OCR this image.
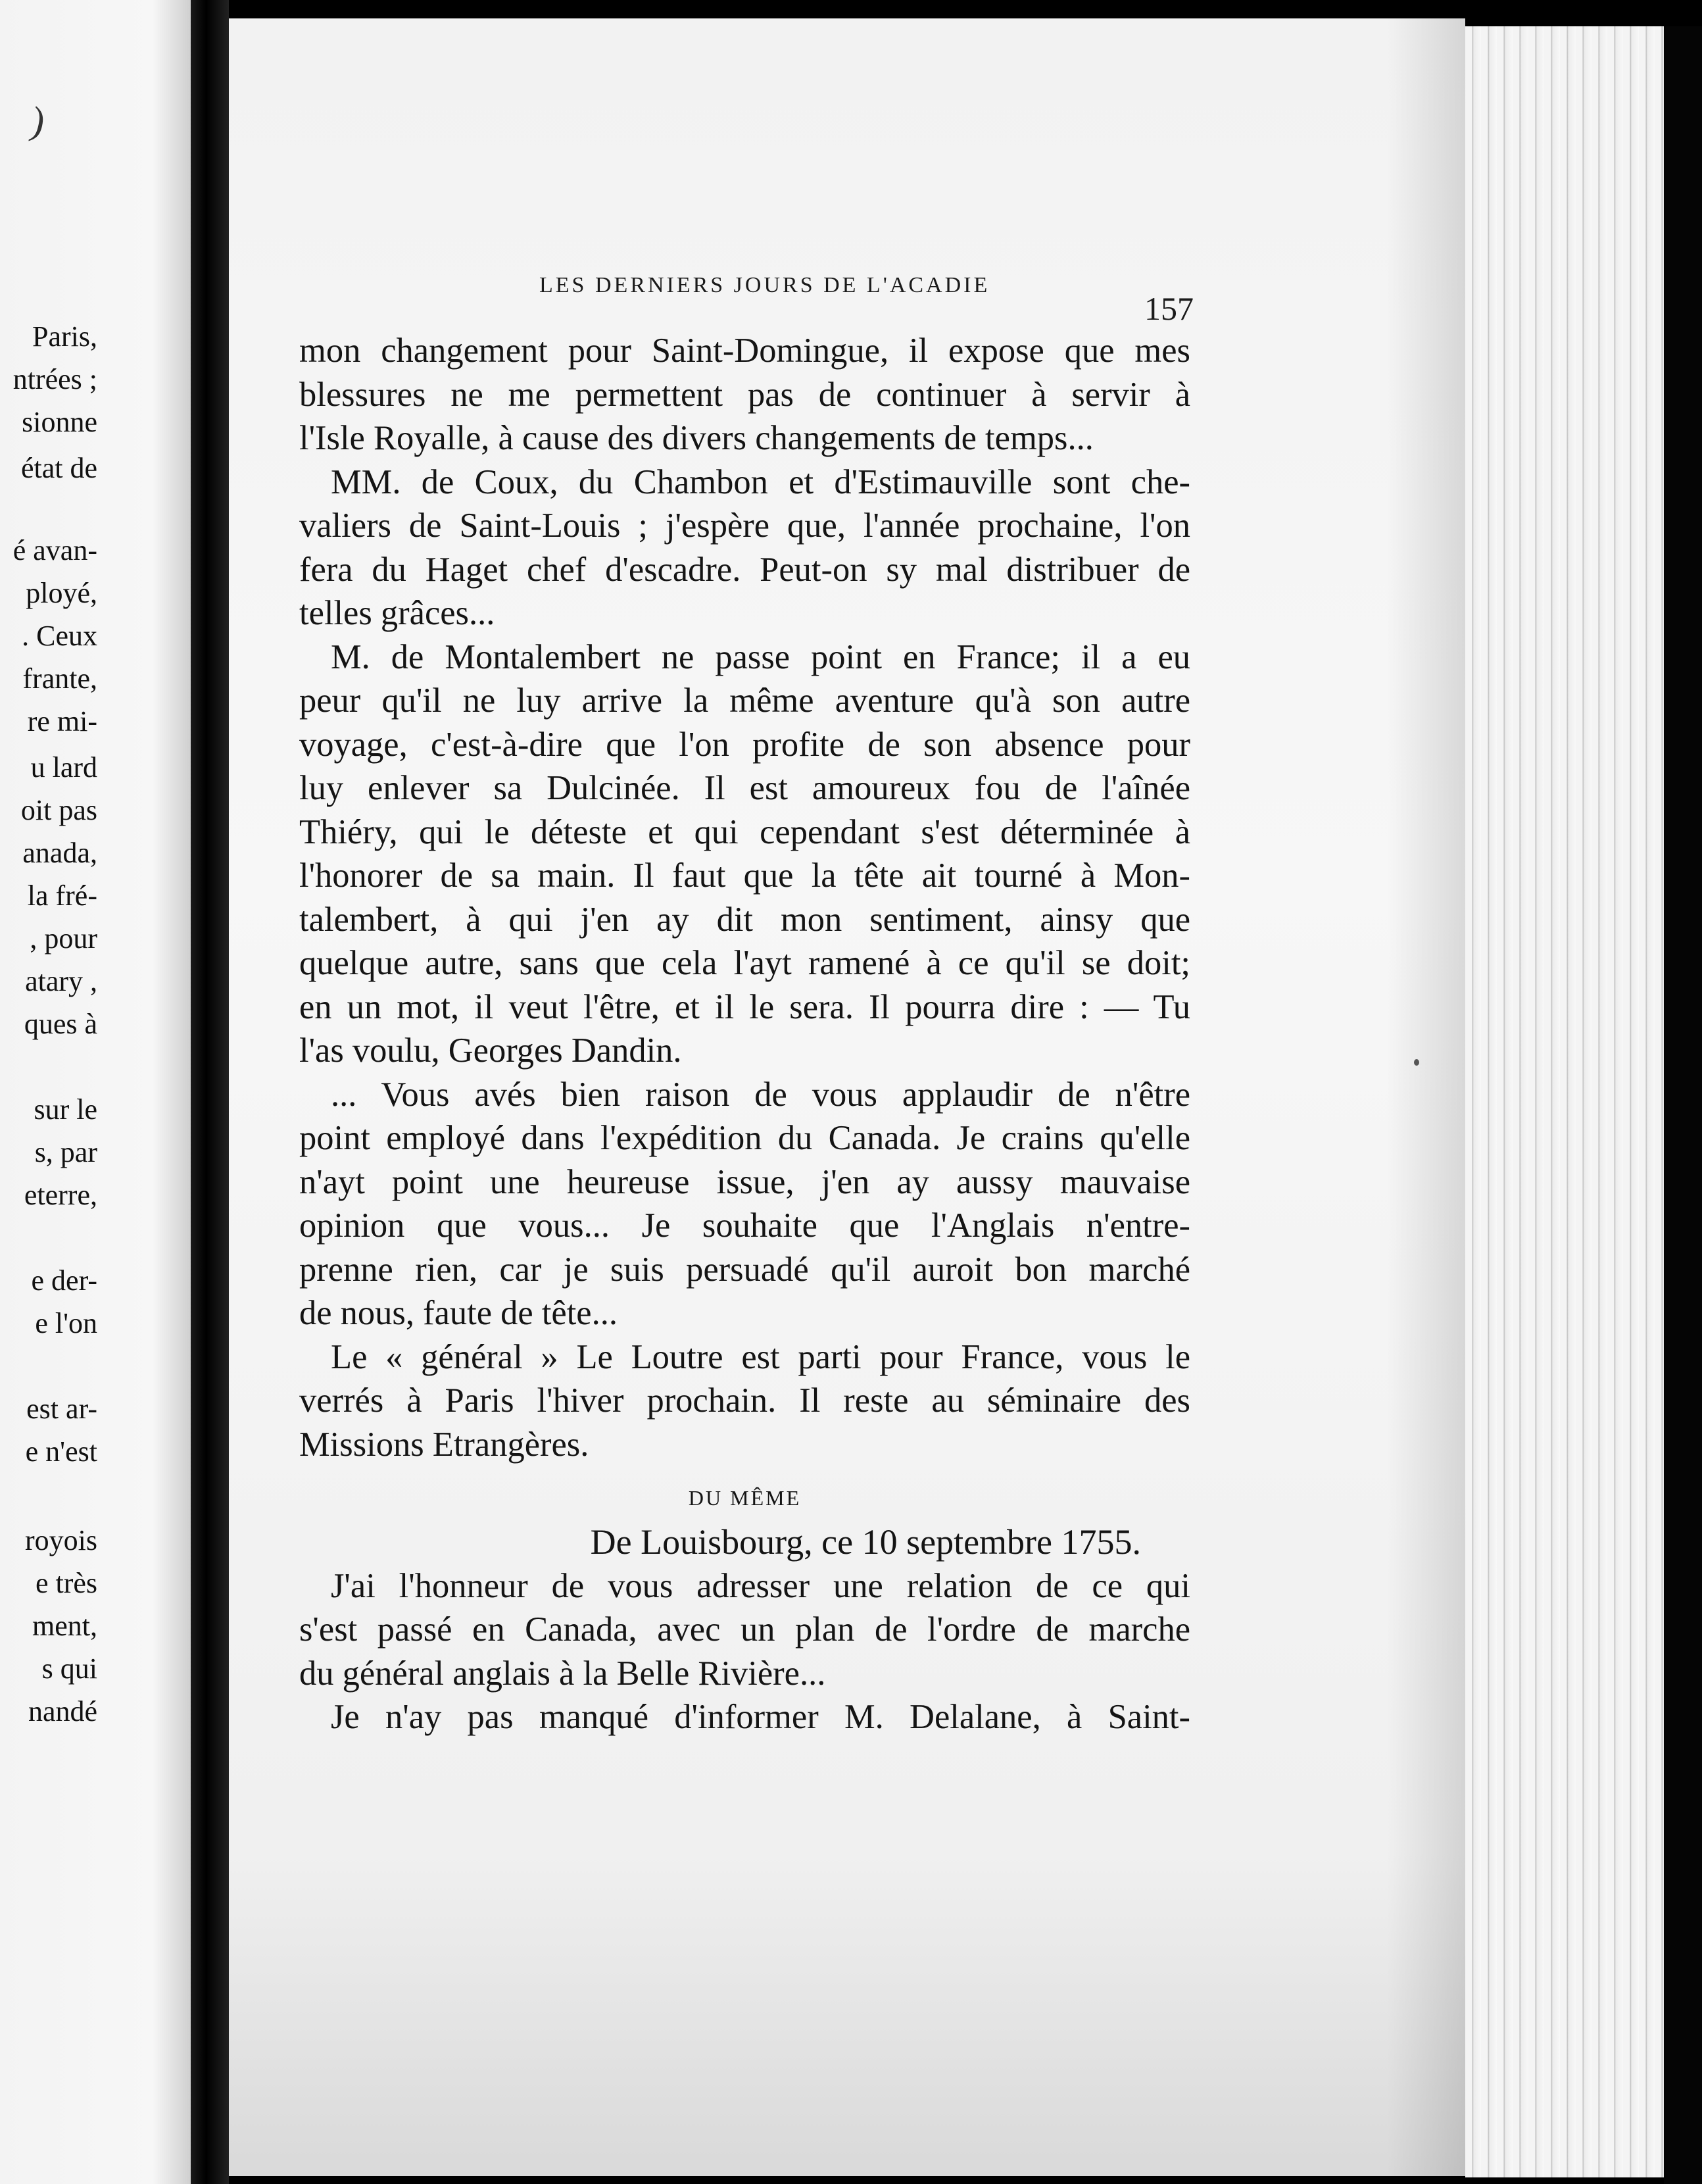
)
Paris,
ntrées ;
sionne
état de
é avan-
ployé,
. Ceux
frante,
re mi-
u lard
oit pas
anada,
la fré-
, pour
atary ,
ques à
sur le
s, par
eterre,
e der-
e l'on
est ar-
e n'est
royois
e très
ment,
s qui
nandé
LES DERNIERS JOURS DE L'ACADIE
157
mon changement pour Saint-Domingue, il expose que mes
blessures ne me permettent pas de continuer à servir à
l'Isle Royalle, à cause des divers changements de temps...
MM. de Coux, du Chambon et d'Estimauville sont che-
valiers de Saint-Louis ; j'espère que, l'année prochaine, l'on
fera du Haget chef d'escadre. Peut-on sy mal distribuer de
telles grâces...
M. de Montalembert ne passe point en France; il a eu
peur qu'il ne luy arrive la même aventure qu'à son autre
voyage, c'est-à-dire que l'on profite de son absence pour
luy enlever sa Dulcinée. Il est amoureux fou de l'aînée
Thiéry, qui le déteste et qui cependant s'est déterminée à
l'honorer de sa main. Il faut que la tête ait tourné à Mon-
talembert, à qui j'en ay dit mon sentiment, ainsy que
quelque autre, sans que cela l'ayt ramené à ce qu'il se doit;
en un mot, il veut l'être, et il le sera. Il pourra dire : — Tu
l'as voulu, Georges Dandin.
... Vous avés bien raison de vous applaudir de n'être
point employé dans l'expédition du Canada. Je crains qu'elle
n'ayt point une heureuse issue, j'en ay aussy mauvaise
opinion que vous... Je souhaite que l'Anglais n'entre-
prenne rien, car je suis persuadé qu'il auroit bon marché
de nous, faute de tête...
Le « général » Le Loutre est parti pour France, vous le
verrés à Paris l'hiver prochain. Il reste au séminaire des
Missions Etrangères.
DU MÊME
De Louisbourg, ce 10 septembre 1755.
J'ai l'honneur de vous adresser une relation de ce qui
s'est passé en Canada, avec un plan de l'ordre de marche
du général anglais à la Belle Rivière...
Je n'ay pas manqué d'informer M. Delalane, à Saint-
